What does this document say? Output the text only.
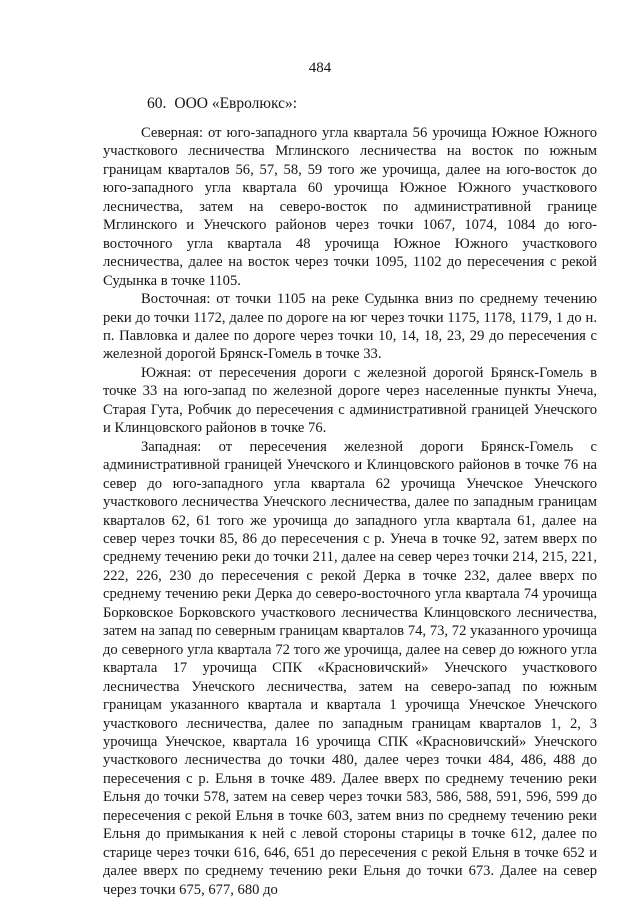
484
60. ООО «Евролюкс»:

Северная: от юго-западного угла квартала 56 урочища Южное Южного участкового лесничества Мглинского лесничества на восток по южным границам кварталов 56, 57, 58, 59 того же урочища, далее на юго-восток до юго-западного угла квартала 60 урочища Южное Южного участкового лесничества, затем на северо-восток по административной границе Мглинского и Унечского районов через точки 1067, 1074, 1084 до юго-восточного угла квартала 48 урочища Южное Южного участкового лесничества, далее на восток через точки 1095, 1102 до пересечения с рекой Судынка в точке 1105.

Восточная: от точки 1105 на реке Судынка вниз по среднему течению реки до точки 1172, далее по дороге на юг через точки 1175, 1178, 1179, 1 до н. п. Павловка и далее по дороге через точки 10, 14, 18, 23, 29 до пересечения с железной дорогой Брянск-Гомель в точке 33.

Южная: от пересечения дороги с железной дорогой Брянск-Гомель в точке 33 на юго-запад по железной дороге через населенные пункты Унеча, Старая Гута, Робчик до пересечения с административной границей Унечского и Клинцовского районов в точке 76.

Западная: от пересечения железной дороги Брянск-Гомель с административной границей Унечского и Клинцовского районов в точке 76 на север до юго-западного угла квартала 62 урочища Унечское Унечского участкового лесничества Унечского лесничества, далее по западным границам кварталов 62, 61 того же урочища до западного угла квартала 61, далее на север через точки 85, 86 до пересечения с р. Унеча в точке 92, затем вверх по среднему течению реки до точки 211, далее на север через точки 214, 215, 221, 222, 226, 230 до пересечения с рекой Дерка в точке 232, далее вверх по среднему течению реки Дерка до северо-восточного угла квартала 74 урочища Борковское Борковского участкового лесничества Клинцовского лесничества, затем на запад по северным границам кварталов 74, 73, 72 указанного урочища до северного угла квартала 72 того же урочища, далее на север до южного угла квартала 17 урочища СПК «Красновичский» Унечского участкового лесничества Унечского лесничества, затем на северо-запад по южным границам указанного квартала и квартала 1 урочища Унечское Унечского участкового лесничества, далее по западным границам кварталов 1, 2, 3 урочища Унечское, квартала 16 урочища СПК «Красновичский» Унечского участкового лесничества до точки 480, далее через точки 484, 486, 488 до пересечения с р. Ельня в точке 489. Далее вверх по среднему течению реки Ельня до точки 578, затем на север через точки 583, 586, 588, 591, 596, 599 до пересечения с рекой Ельня в точке 603, затем вниз по среднему течению реки Ельня до примыкания к ней с левой стороны старицы в точке 612, далее по старице через точки 616, 646, 651 до пересечения с рекой Ельня в точке 652 и далее вверх по среднему течению реки Ельня до точки 673. Далее на север через точки 675, 677, 680 до
